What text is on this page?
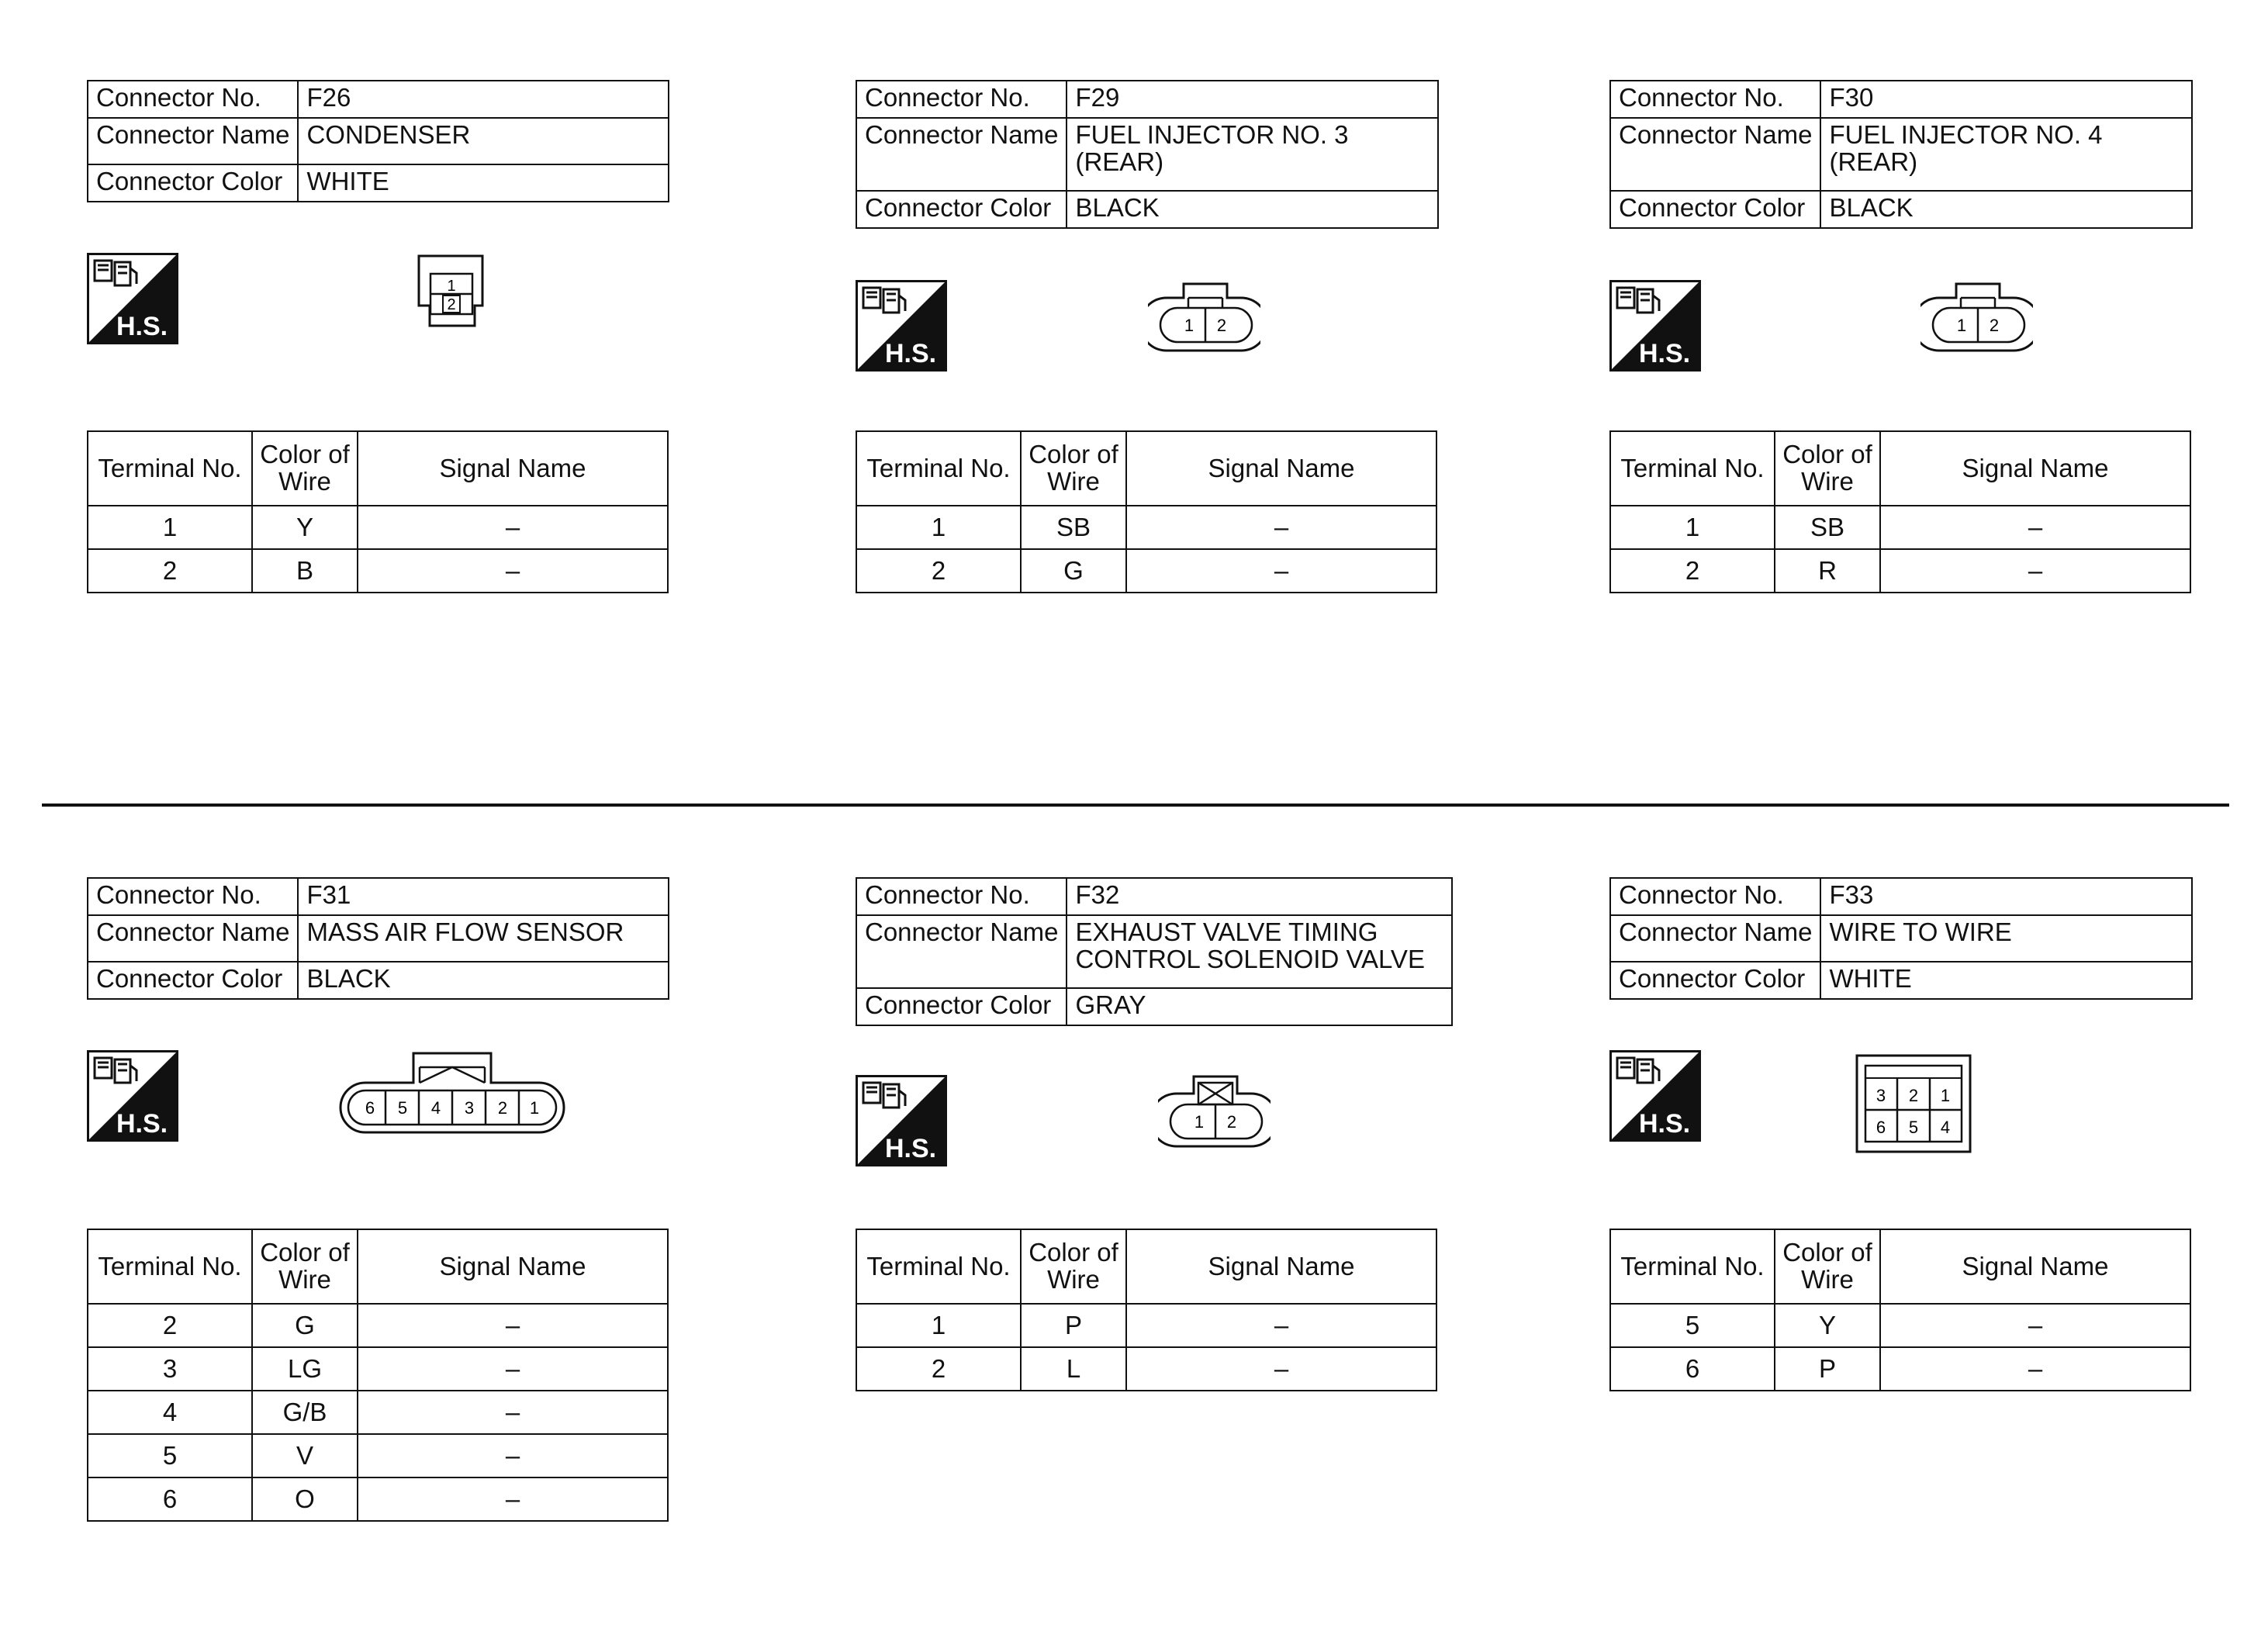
Connector No.	F26
Connector Name	CONDENSER
Connector Color	WHITE
H.S.
1
2
Terminal No.	Color of Wire	Signal Name
1	Y	–
2	B	–
Connector No.	F29
Connector Name	FUEL INJECTOR NO. 3
(REAR)
Connector Color	BLACK
H.S.
1 2
Terminal No.	Color of Wire	Signal Name
1	SB	–
2	G	–
Connector No.	F30
Connector Name	FUEL INJECTOR NO. 4
(REAR)
Connector Color	BLACK
H.S.
1 2
Terminal No.	Color of Wire	Signal Name
1	SB	–
2	R	–
Connector No.	F31
Connector Name	MASS AIR FLOW SENSOR
Connector Color	BLACK
H.S.
6 5 4 3 2 1
Terminal No.	Color of Wire	Signal Name
2	G	–
3	LG	–
4	G/B	–
5	V	–
6	O	–
Connector No.	F32
Connector Name	EXHAUST VALVE TIMING
CONTROL SOLENOID VALVE
Connector Color	GRAY
H.S.
1 2
Terminal No.	Color of Wire	Signal Name
1	P	–
2	L	–
Connector No.	F33
Connector Name	WIRE TO WIRE
Connector Color	WHITE
H.S.
3 2 1
6 5 4
Terminal No.	Color of Wire	Signal Name
5	Y	–
6	P	–
